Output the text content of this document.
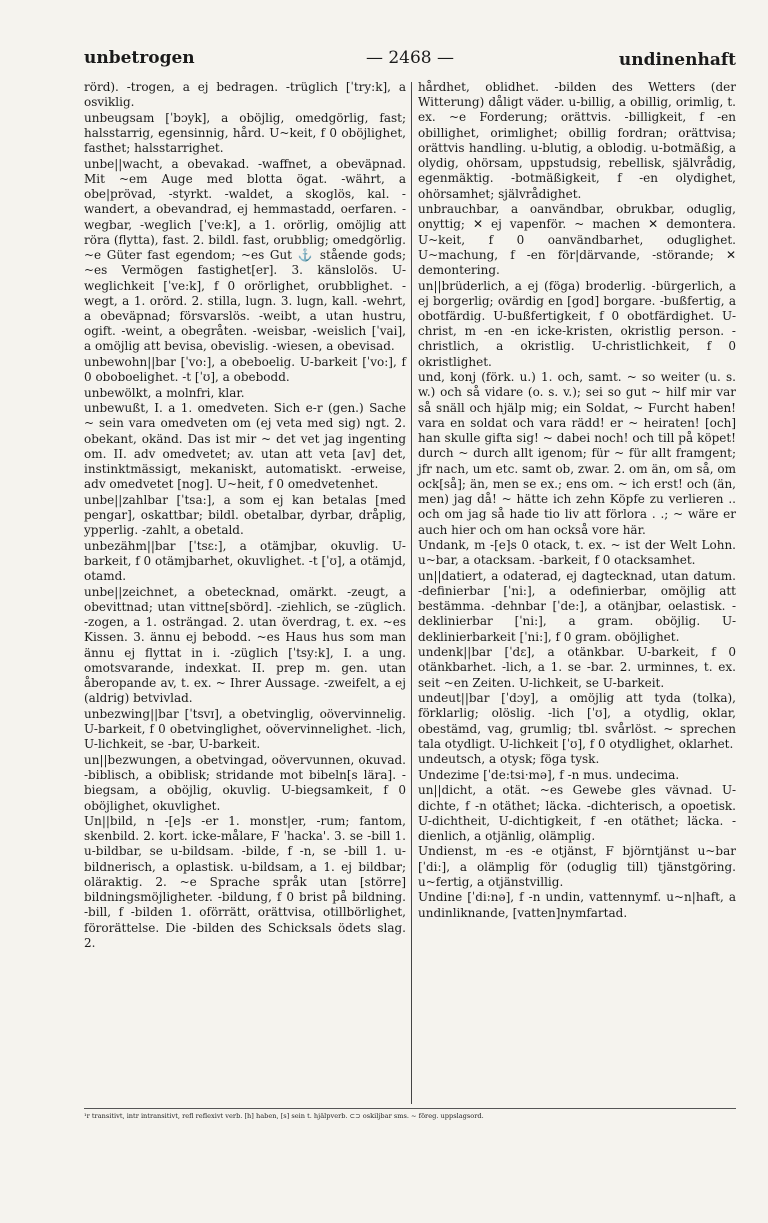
unbetrogen	— 2468 —	undinenhaft

rörd). -trogen, a ej bedragen. -trüglich [ˈtry:k], a osviklig.

unbeugsam [ˈbɔyk], a oböjlig, omedgörlig, fast; halsstarrig, egensinnig, hård. U~keit, f 0 oböjlighet, fasthet; halsstarrighet.

unbe||wacht, a obevakad. -waffnet, a obeväpnad. Mit ~em Auge med blotta ögat. -währt, a obe|prövad, -styrkt. -waldet, a skoglös, kal. -wandert, a obevandrad, ej hemmastadd, oerfaren. -wegbar, -weglich [ˈve:k], a 1. orörlig, omöjlig att röra (flytta), fast. 2. bildl. fast, orubblig; omedgörlig. ~e Güter fast egendom; ~es Gut ⚓ stående gods; ~es Vermögen fastighet[er]. 3. känslolös. U-weglichkeit [ˈve:k], f 0 orörlighet, orubblighet. -wegt, a 1. orörd. 2. stilla, lugn. 3. lugn, kall. -wehrt, a obeväpnad; försvarslös. -weibt, a utan hustru, ogift. -weint, a obegråten. -weisbar, -weislich [ˈvai], a omöjlig att bevisa, obevislig. -wiesen, a obevisad.

unbewohn||bar [ˈvo:], a obeboelig. U-barkeit [ˈvo:], f 0 oboboelighet. -t [ˈʊ], a obebodd.

unbewölkt, a molnfri, klar.

unbewußt, I. a 1. omedveten. Sich e-r (gen.) Sache ~ sein vara omedveten om (ej veta med sig) ngt. 2. obekant, okänd. Das ist mir ~ det vet jag ingenting om. II. adv omedvetet; av. utan att veta [av] det, instinktmässigt, mekaniskt, automatiskt. -erweise, adv omedvetet [nog]. U~heit, f 0 omedvetenhet.

unbe||zahlbar [ˈtsa:], a som ej kan betalas [med pengar], oskattbar; bildl. obetalbar, dyrbar, dråplig, ypperlig. -zahlt, a obetald.

unbezähm||bar [ˈtsɛ:], a otämjbar, okuvlig. U-barkeit, f 0 otämjbarhet, okuvlighet. -t [ˈʊ], a otämjd, otamd.

unbe||zeichnet, a obetecknad, omärkt. -zeugt, a obevittnad; utan vittne[sbörd]. -ziehlich, se -züglich. -zogen, a 1. osträngad. 2. utan överdrag, t. ex. ~es Kissen. 3. ännu ej bebodd. ~es Haus hus som man ännu ej flyttat in i. -züglich [ˈtsy:k], I. a ung. omotsvarande, indexkat. II. prep m. gen. utan åberopande av, t. ex. ~ Ihrer Aussage. -zweifelt, a ej (aldrig) betvivlad.

unbezwing||bar [ˈtsvɪ], a obetvinglig, oövervinnelig. U-barkeit, f 0 obetvinglighet, oövervinnelighet. -lich, U-lichkeit, se -bar, U-barkeit.

un||bezwungen, a obetvingad, oövervunnen, okuvad. -biblisch, a obiblisk; stridande mot bibeln[s lära]. -biegsam, a oböjlig, okuvlig. U-biegsamkeit, f 0 oböjlighet, okuvlighet.

Un||bild, n -[e]s -er 1. monst|er, -rum; fantom, skenbild. 2. kort. icke-målare, F ˈhacka'. 3. se -bill 1. u-bildbar, se u-bildsam. -bilde, f -n, se -bill 1. u-bildnerisch, a oplastisk. u-bildsam, a 1. ej bildbar; oläraktig. 2. ~e Sprache språk utan [större] bildningsmöjligheter. -bildung, f 0 brist på bildning. -bill, f -bilden 1. oförrätt, orättvisa, otillbörlighet, förorättelse. Die -bilden des Schicksals ödets slag. 2.

hårdhet, oblidhet. -bilden des Wetters (der Witterung) dåligt väder. u-billig, a obillig, orimlig, t. ex. ~e Forderung; orättvis. -billigkeit, f -en obillighet, orimlighet; obillig fordran; orättvisa; orättvis handling. u-blutig, a oblodig. u-botmäßig, a olydig, ohörsam, uppstudsig, rebellisk, självrådig, egenmäktig. -botmäßigkeit, f -en olydighet, ohörsamhet; självrådighet.

unbrauchbar, a oanvändbar, obrukbar, oduglig, onyttig; ✕ ej vapenför. ~ machen ✕ demontera. U~keit, f 0 oanvändbarhet, oduglighet. U~machung, f -en för|därvande, -störande; ✕ demontering.

un||brüderlich, a ej (föga) broderlig. -bürgerlich, a ej borgerlig; ovärdig en [god] borgare. -bußfertig, a obotfärdig. U-bußfertigkeit, f 0 obotfärdighet. U-christ, m -en -en icke-kristen, okristlig person. -christlich, a okristlig. U-christlichkeit, f 0 okristlighet.

und, konj (förk. u.) 1. och, samt. ~ so weiter (u. s. w.) och så vidare (o. s. v.); sei so gut ~ hilf mir var så snäll och hjälp mig; ein Soldat, ~ Furcht haben! vara en soldat och vara rädd! er ~ heiraten! [och] han skulle gifta sig! ~ dabei noch! och till på köpet! durch ~ durch allt igenom; für ~ für allt framgent; jfr nach, um etc. samt ob, zwar. 2. om än, om så, om ock[så]; än, men se ex.; ens om. ~ ich erst! och (än, men) jag då! ~ hätte ich zehn Köpfe zu verlieren .. och om jag så hade tio liv att förlora . .; ~ wäre er auch hier och om han också vore här.

Undank, m -[e]s 0 otack, t. ex. ~ ist der Welt Lohn. u~bar, a otacksam. -barkeit, f 0 otacksamhet.

un||datiert, a odaterad, ej dagtecknad, utan datum. -definierbar [ˈni:], a odefinierbar, omöjlig att bestämma. -dehnbar [ˈde:], a otänjbar, oelastisk. -deklinierbar [ˈni:], a gram. oböjlig. U-deklinierbarkeit [ˈni:], f 0 gram. oböjlighet.

undenk||bar [ˈdɛ], a otänkbar. U-barkeit, f 0 otänkbarhet. -lich, a 1. se -bar. 2. urminnes, t. ex. seit ~en Zeiten. U-lichkeit, se U-barkeit.

undeut||bar [ˈdɔy], a omöjlig att tyda (tolka), förklarlig; olöslig. -lich [ˈʊ], a otydlig, oklar, obestämd, vag, grumlig; tbl. svårlöst. ~ sprechen tala otydligt. U-lichkeit [ˈʊ], f 0 otydlighet, oklarhet.

undeutsch, a otysk; föga tysk.

Undezime [ˈde:tsi·mə], f -n mus. undecima.

un||dicht, a otät. ~es Gewebe gles vävnad. U-dichte, f -n otäthet; läcka. -dichterisch, a opoetisk. U-dichtheit, U-dichtigkeit, f -en otäthet; läcka. -dienlich, a otjänlig, olämplig.

Undienst, m -es -e otjänst, F björntjänst u~bar [ˈdi:], a olämplig för (oduglig till) tjänstgöring. u~fertig, a otjänstvillig.

Undine [ˈdi:nə], f -n undin, vattennymf. u~n|haft, a undinliknande, [vatten]nymfartad.

¹r transitivt, intr intransitivt, refl reflexivt verb. [h] haben, [s] sein t. hjälpverb. ⊂⊃ oskiljbar sms. ~ föreg. uppslagsord.
